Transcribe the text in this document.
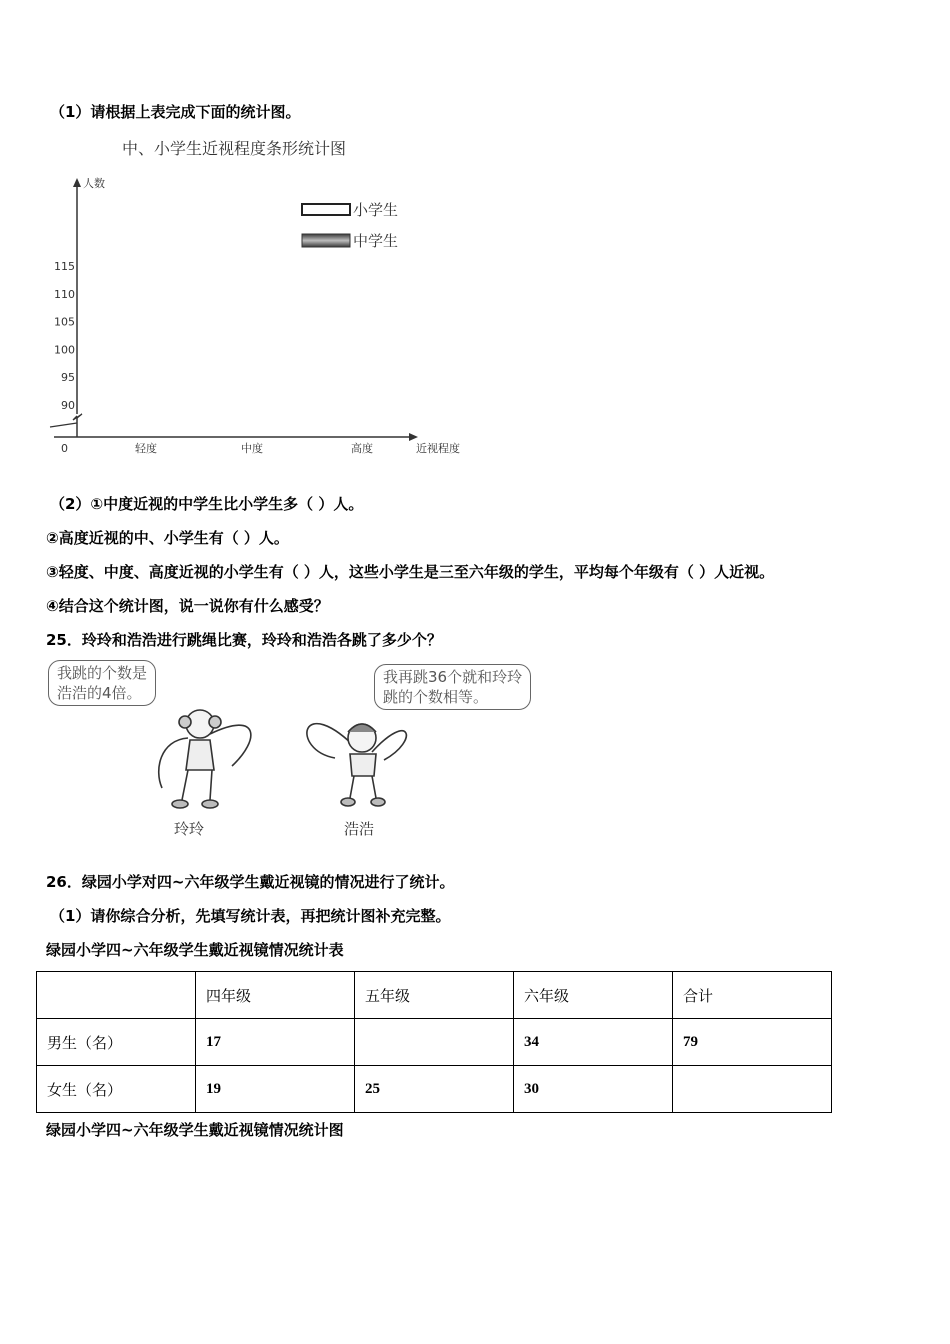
（1）请根据上表完成下面的统计图。
中、小学生近视程度条形统计图
人数
近视程度
0
90
95
100
105
110
115
轻度	中度	高度
小学生
中学生
（2）①中度近视的中学生比小学生多（ ）人。
②高度近视的中、小学生有（ ）人。
③轻度、中度、高度近视的小学生有（ ）人，这些小学生是三至六年级的学生，平均每个年级有（ ）人近视。
④结合这个统计图，说一说你有什么感受？
25．玲玲和浩浩进行跳绳比赛，玲玲和浩浩各跳了多少个？
我跳的个数是
浩浩的4倍。
我再跳36个就和玲玲
跳的个数相等。
玲玲	浩浩
26．绿园小学对四~六年级学生戴近视镜的情况进行了统计。
（1）请你综合分析，先填写统计表，再把统计图补充完整。
绿园小学四~六年级学生戴近视镜情况统计表
	四年级	五年级	六年级	合计
男生（名）	17		34	79
女生（名）	19	25	30	
绿园小学四~六年级学生戴近视镜情况统计图
